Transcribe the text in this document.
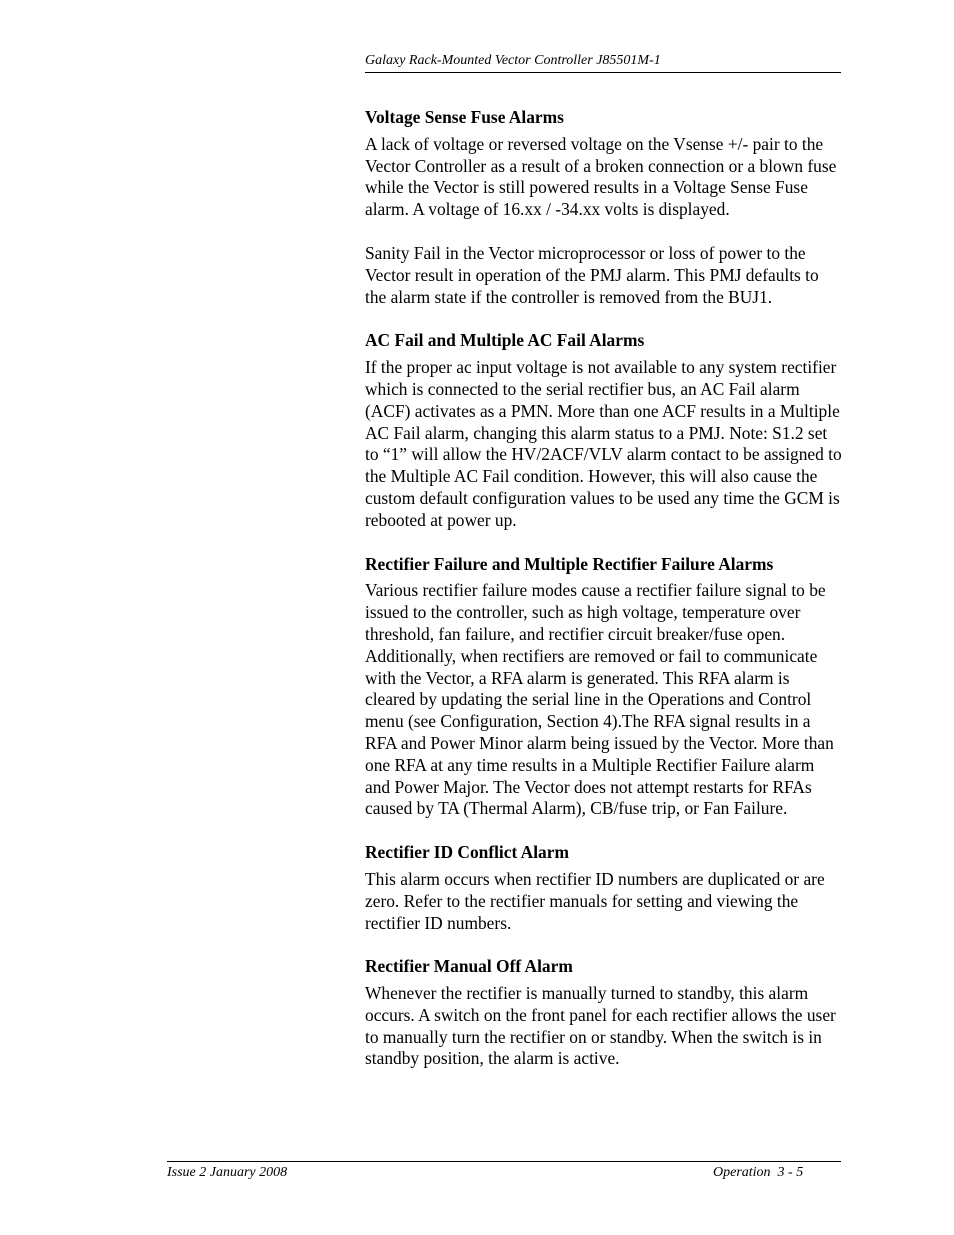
Galaxy Rack-Mounted Vector Controller J85501M-1
Voltage Sense Fuse Alarms
A lack of voltage or reversed voltage on the Vsense +/- pair to the Vector Controller as a result of a broken connection or a blown fuse while the Vector is still powered results in a Voltage Sense Fuse alarm. A voltage of 16.xx / -34.xx volts is displayed.
Sanity Fail in the Vector microprocessor or loss of power to the Vector result in operation of the PMJ alarm. This PMJ defaults to the alarm state if the controller is removed from the BUJ1.
AC Fail and Multiple AC Fail Alarms
If the proper ac input voltage is not available to any system rectifier which is connected to the serial rectifier bus, an AC Fail alarm (ACF) activates as a PMN. More than one ACF results in a Multiple AC Fail alarm, changing this alarm status to a PMJ. Note: S1.2 set to “1” will allow the HV/2ACF/VLV alarm contact to be assigned to the Multiple AC Fail condition. However, this will also cause the custom default configuration values to be used any time the GCM is rebooted at power up.
Rectifier Failure and Multiple Rectifier Failure Alarms
Various rectifier failure modes cause a rectifier failure signal to be issued to the controller, such as high voltage, temperature over threshold, fan failure, and rectifier circuit breaker/fuse open. Additionally, when rectifiers are removed or fail to communicate with the Vector, a RFA alarm is generated. This RFA alarm is cleared by updating the serial line in the Operations and Control menu (see Configuration, Section 4).The RFA signal results in a RFA and Power Minor alarm being issued by the Vector. More than one RFA at any time results in a Multiple Rectifier Failure alarm and Power Major. The Vector does not attempt restarts for RFAs caused by TA (Thermal Alarm), CB/fuse trip, or Fan Failure.
Rectifier ID Conflict Alarm
This alarm occurs when rectifier ID numbers are duplicated or are zero. Refer to the rectifier manuals for setting and viewing the rectifier ID numbers.
Rectifier Manual Off Alarm
Whenever the rectifier is manually turned to standby, this alarm occurs. A switch on the front panel for each rectifier allows the user to manually turn the rectifier on or standby. When the switch is in standby position, the alarm is active.
Issue 2 January 2008	Operation  3 - 5
